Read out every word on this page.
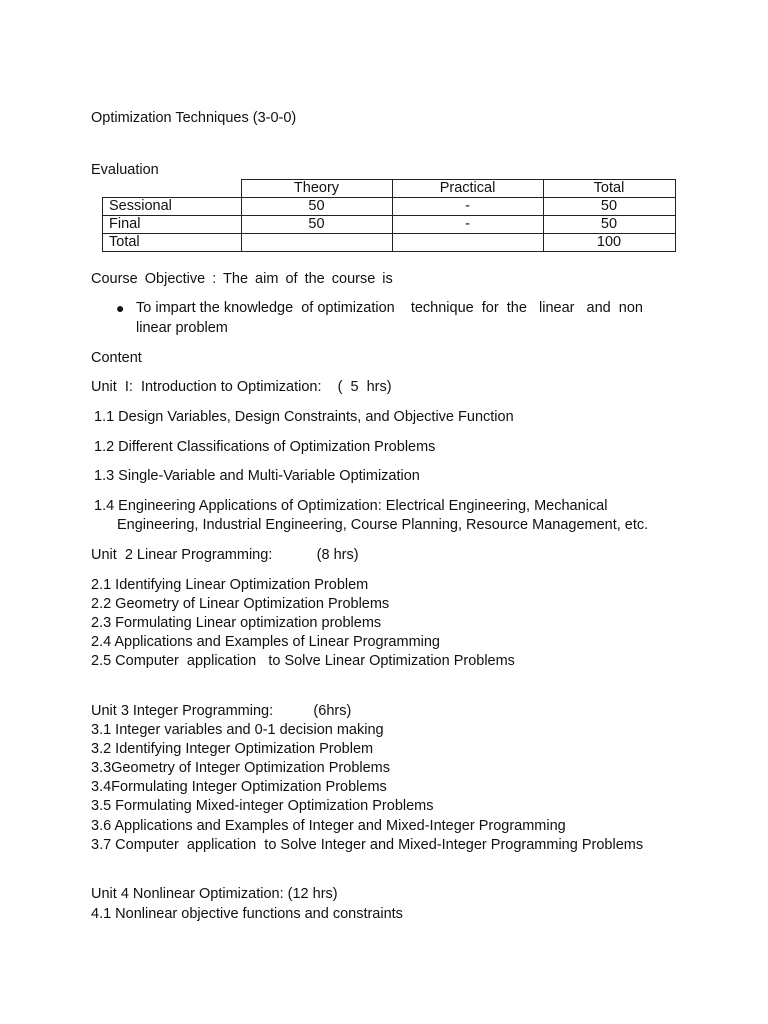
Optimization Techniques (3-0-0)
Evaluation
	Theory	Practical	Total
Sessional	50	-	50
Final	50	-	50
Total			100
Course Objective : The aim of the course is
● To impart the knowledge  of optimization    technique  for  the   linear   and  non
linear problem
Content
Unit  I:  Introduction to Optimization:    (  5  hrs)
1.1 Design Variables, Design Constraints, and Objective Function
1.2 Different Classifications of Optimization Problems
1.3 Single-Variable and Multi-Variable Optimization
1.4 Engineering Applications of Optimization: Electrical Engineering, Mechanical
Engineering, Industrial Engineering, Course Planning, Resource Management, etc.
Unit  2 Linear Programming:           (8 hrs)
2.1 Identifying Linear Optimization Problem
2.2 Geometry of Linear Optimization Problems
2.3 Formulating Linear optimization problems
2.4 Applications and Examples of Linear Programming
2.5 Computer  application   to Solve Linear Optimization Problems
Unit 3 Integer Programming:          (6hrs)
3.1 Integer variables and 0-1 decision making
3.2 Identifying Integer Optimization Problem
3.3Geometry of Integer Optimization Problems
3.4Formulating Integer Optimization Problems
3.5 Formulating Mixed-integer Optimization Problems
3.6 Applications and Examples of Integer and Mixed-Integer Programming
3.7 Computer  application  to Solve Integer and Mixed-Integer Programming Problems
Unit 4 Nonlinear Optimization: (12 hrs)
4.1 Nonlinear objective functions and constraints
